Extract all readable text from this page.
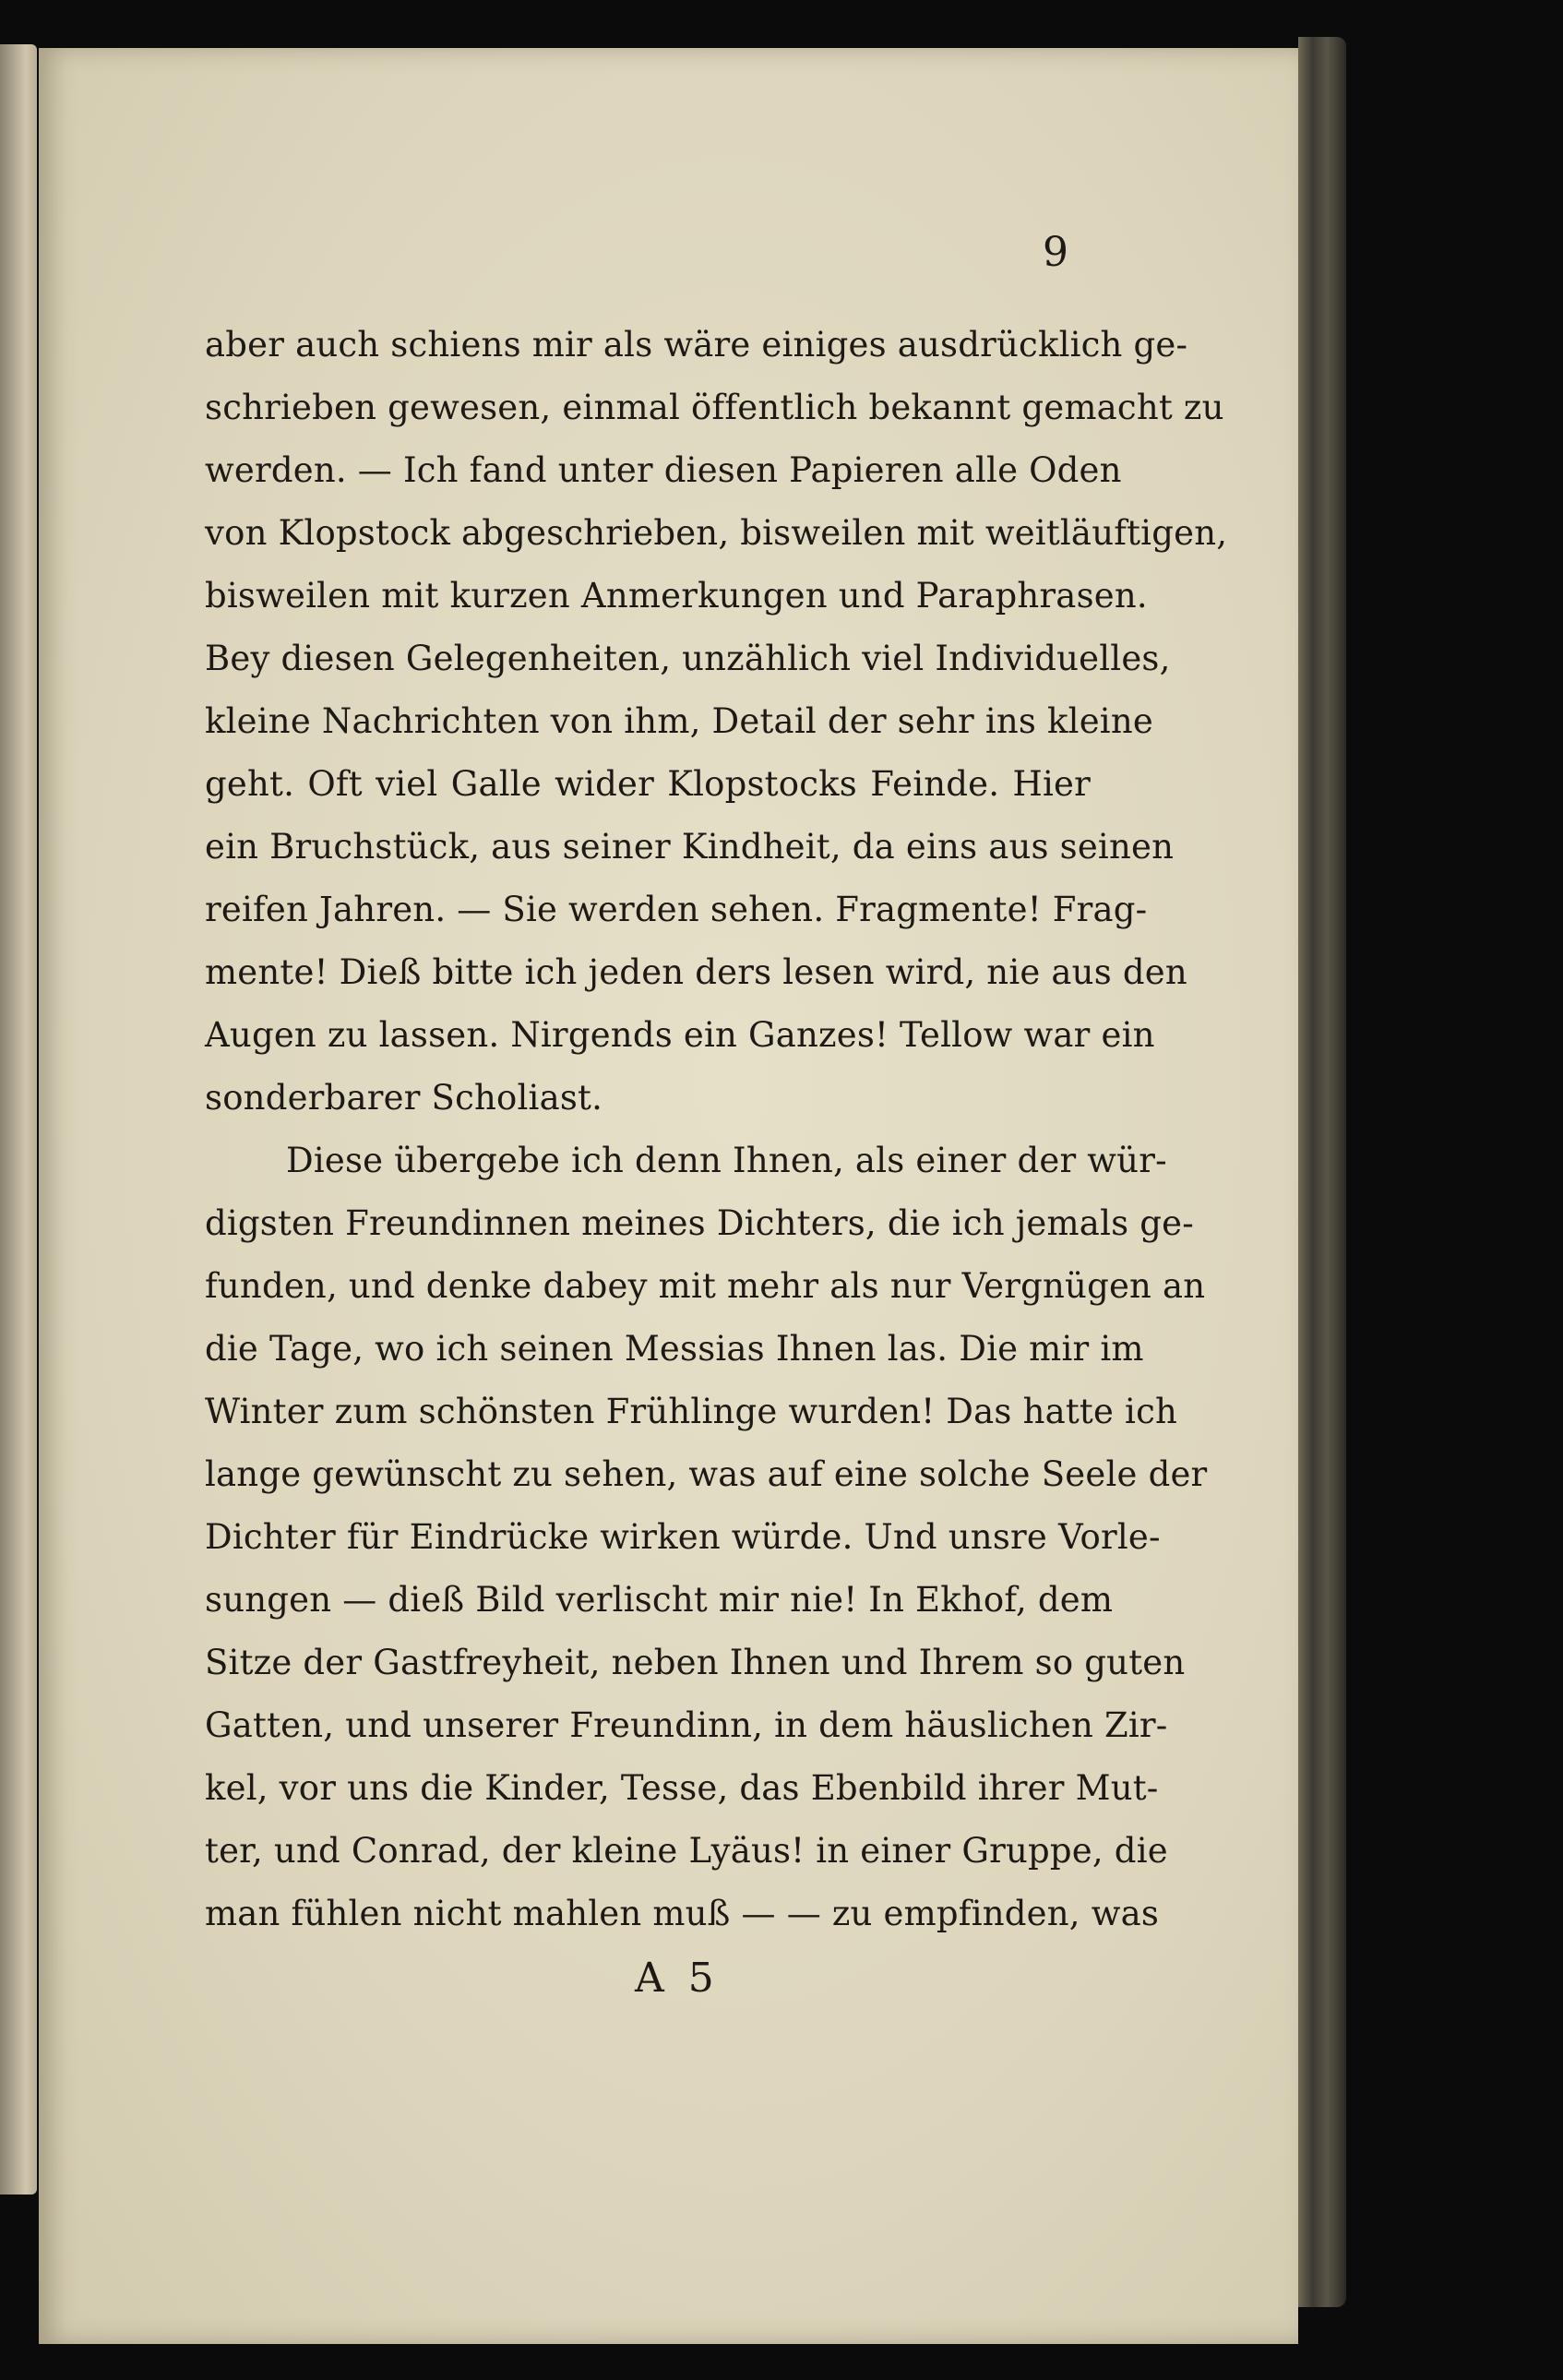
9
aber auch schiens mir als wäre einiges ausdrücklich ge-
schrieben gewesen, einmal öffentlich bekannt gemacht zu
werden. — Ich fand unter diesen Papieren alle Oden
von Klopstock abgeschrieben, bisweilen mit weitläuftigen,
bisweilen mit kurzen Anmerkungen und Paraphrasen.
Bey diesen Gelegenheiten, unzählich viel Individuelles,
kleine Nachrichten von ihm, Detail der sehr ins kleine
geht. Oft viel Galle wider Klopstocks Feinde. Hier
ein Bruchstück, aus seiner Kindheit, da eins aus seinen
reifen Jahren. — Sie werden sehen. Fragmente! Frag-
mente! Dieß bitte ich jeden ders lesen wird, nie aus den
Augen zu lassen. Nirgends ein Ganzes! Tellow war ein
sonderbarer Scholiast.
Diese übergebe ich denn Ihnen, als einer der wür-
digsten Freundinnen meines Dichters, die ich jemals ge-
funden, und denke dabey mit mehr als nur Vergnügen an
die Tage, wo ich seinen Messias Ihnen las. Die mir im
Winter zum schönsten Frühlinge wurden! Das hatte ich
lange gewünscht zu sehen, was auf eine solche Seele der
Dichter für Eindrücke wirken würde. Und unsre Vorle-
sungen — dieß Bild verlischt mir nie! In Ekhof, dem
Sitze der Gastfreyheit, neben Ihnen und Ihrem so guten
Gatten, und unserer Freundinn, in dem häuslichen Zir-
kel, vor uns die Kinder, Tesse, das Ebenbild ihrer Mut-
ter, und Conrad, der kleine Lyäus! in einer Gruppe, die
man fühlen nicht mahlen muß — — zu empfinden, was
A 5
